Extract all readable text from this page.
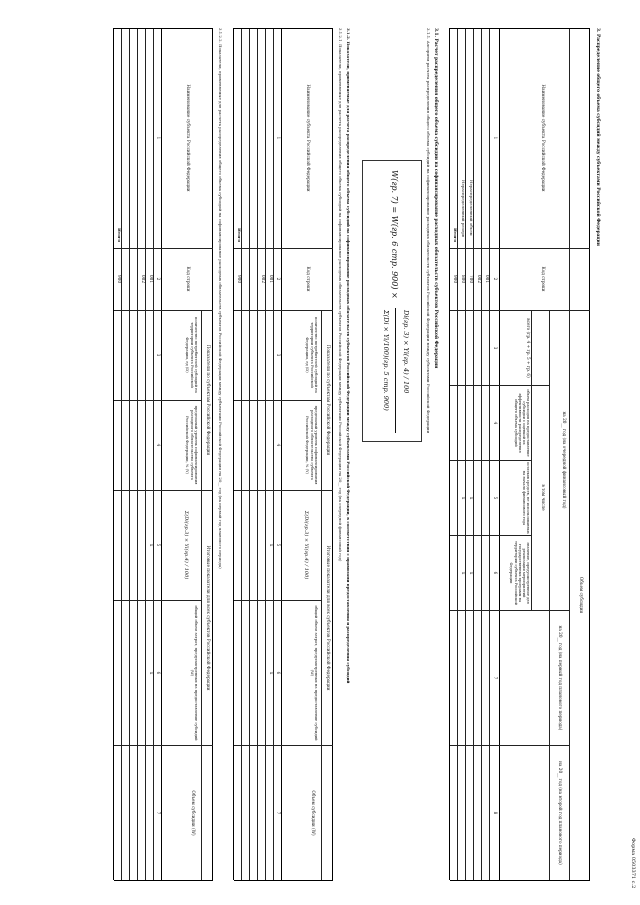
Форма 0503371 с.2
3. Распределение общего объема субсидий между субъектами Российской Федерации
Наименование субъекта Российской Федерации
Код строки
Объем субсидии
на 20__ год (на очередной финансовый год)
всего (гр. 4 + гр. 5 + гр. 6)
в том числе
объем расходов на предоставление субсидии с оценкой их эффективности распределения общего объема субсидий
остатков средств, не использованных на начало финансового года
значение, предусмотренное для реализации мероприятий государственных программ на территории субъекта Российской Федерации
на 20__ год (на первый год планового периода)
на 20__ год (на второй год планового периода)
1
2
3
4
5
6
7
8
001
002
Нераспределенный объем
700
Нераспределенный резерв
800
Итого
900
x
x
x
x
3.1. Расчет распределения общего объема субсидии на софинансирование расходных обязательств субъектов Российской Федерации
3.1.1. Алгоритм расчета распределения общего объема субсидий на софинансирование расходных обязательств субъектов Российской Федерации между субъектами Российской Федерации
W(гр. 7) = W(гр. 6 стр. 900) ×
Di(гр. 3) × Yi(гр. 4) / 100
Σ(Di × Yi/100)(гр. 5 стр. 900)
3.1.2. Показатели, применяемые для расчета распределения общего объема субсидий на софинансирование расходных обязательств субъектов Российской Федерации между субъектами Российской Федерации, в соответствии с правилами предоставления и распределения субсидий
3.1.2.1. Показатели, применяемые для расчета распределения общего объема субсидий на софинансирование расходных обязательств субъектов Российской Федерации между субъектами Российской Федерации на 20__ год (на очередной финансовый год)
Наименование субъекта Российской Федерации
Код строки
Показатели по субъектам Российской Федерации
количество потребителей субсидий на территории субъекта Российской Федерации, ед (D)
предельный уровень софинансирования расходного обязательства субъекта Российской Федерации, % (Y)
Итоговые показатели для всех субъектов Российской Федерации
Σ(Di(гр.3) × Yi(гр.4) / 100)
общий объем затрат, предусмотренных на предоставление субсидий (W)
Объем субсидии (W)
1
2
3
4
5
6
7
001
002
x
x
Итого
900
3.1.2.2. Показатели, применяемые для расчета распределения общего объема субсидий на софинансирование расходных обязательств субъектов Российской Федерации между субъектами Российской Федерации на 20__ год (на первый год планового периода)
Наименование субъекта Российской Федерации
Код строки
Показатели по субъектам Российской Федерации
количество потребителей субсидий на территории субъекта Российской Федерации, ед (D)
предельный уровень софинансирования расходного обязательства субъекта Российской Федерации, % (Y)
Итоговые показатели для всех субъектов Российской Федерации
Σ(Di(гр.3) × Yi(гр.4) / 100)
общий объем затрат, предусмотренных на предоставление субсидий (W)
Объем субсидии (W)
1
2
3
4
5
6
7
001
002
x
x
Итого
900
